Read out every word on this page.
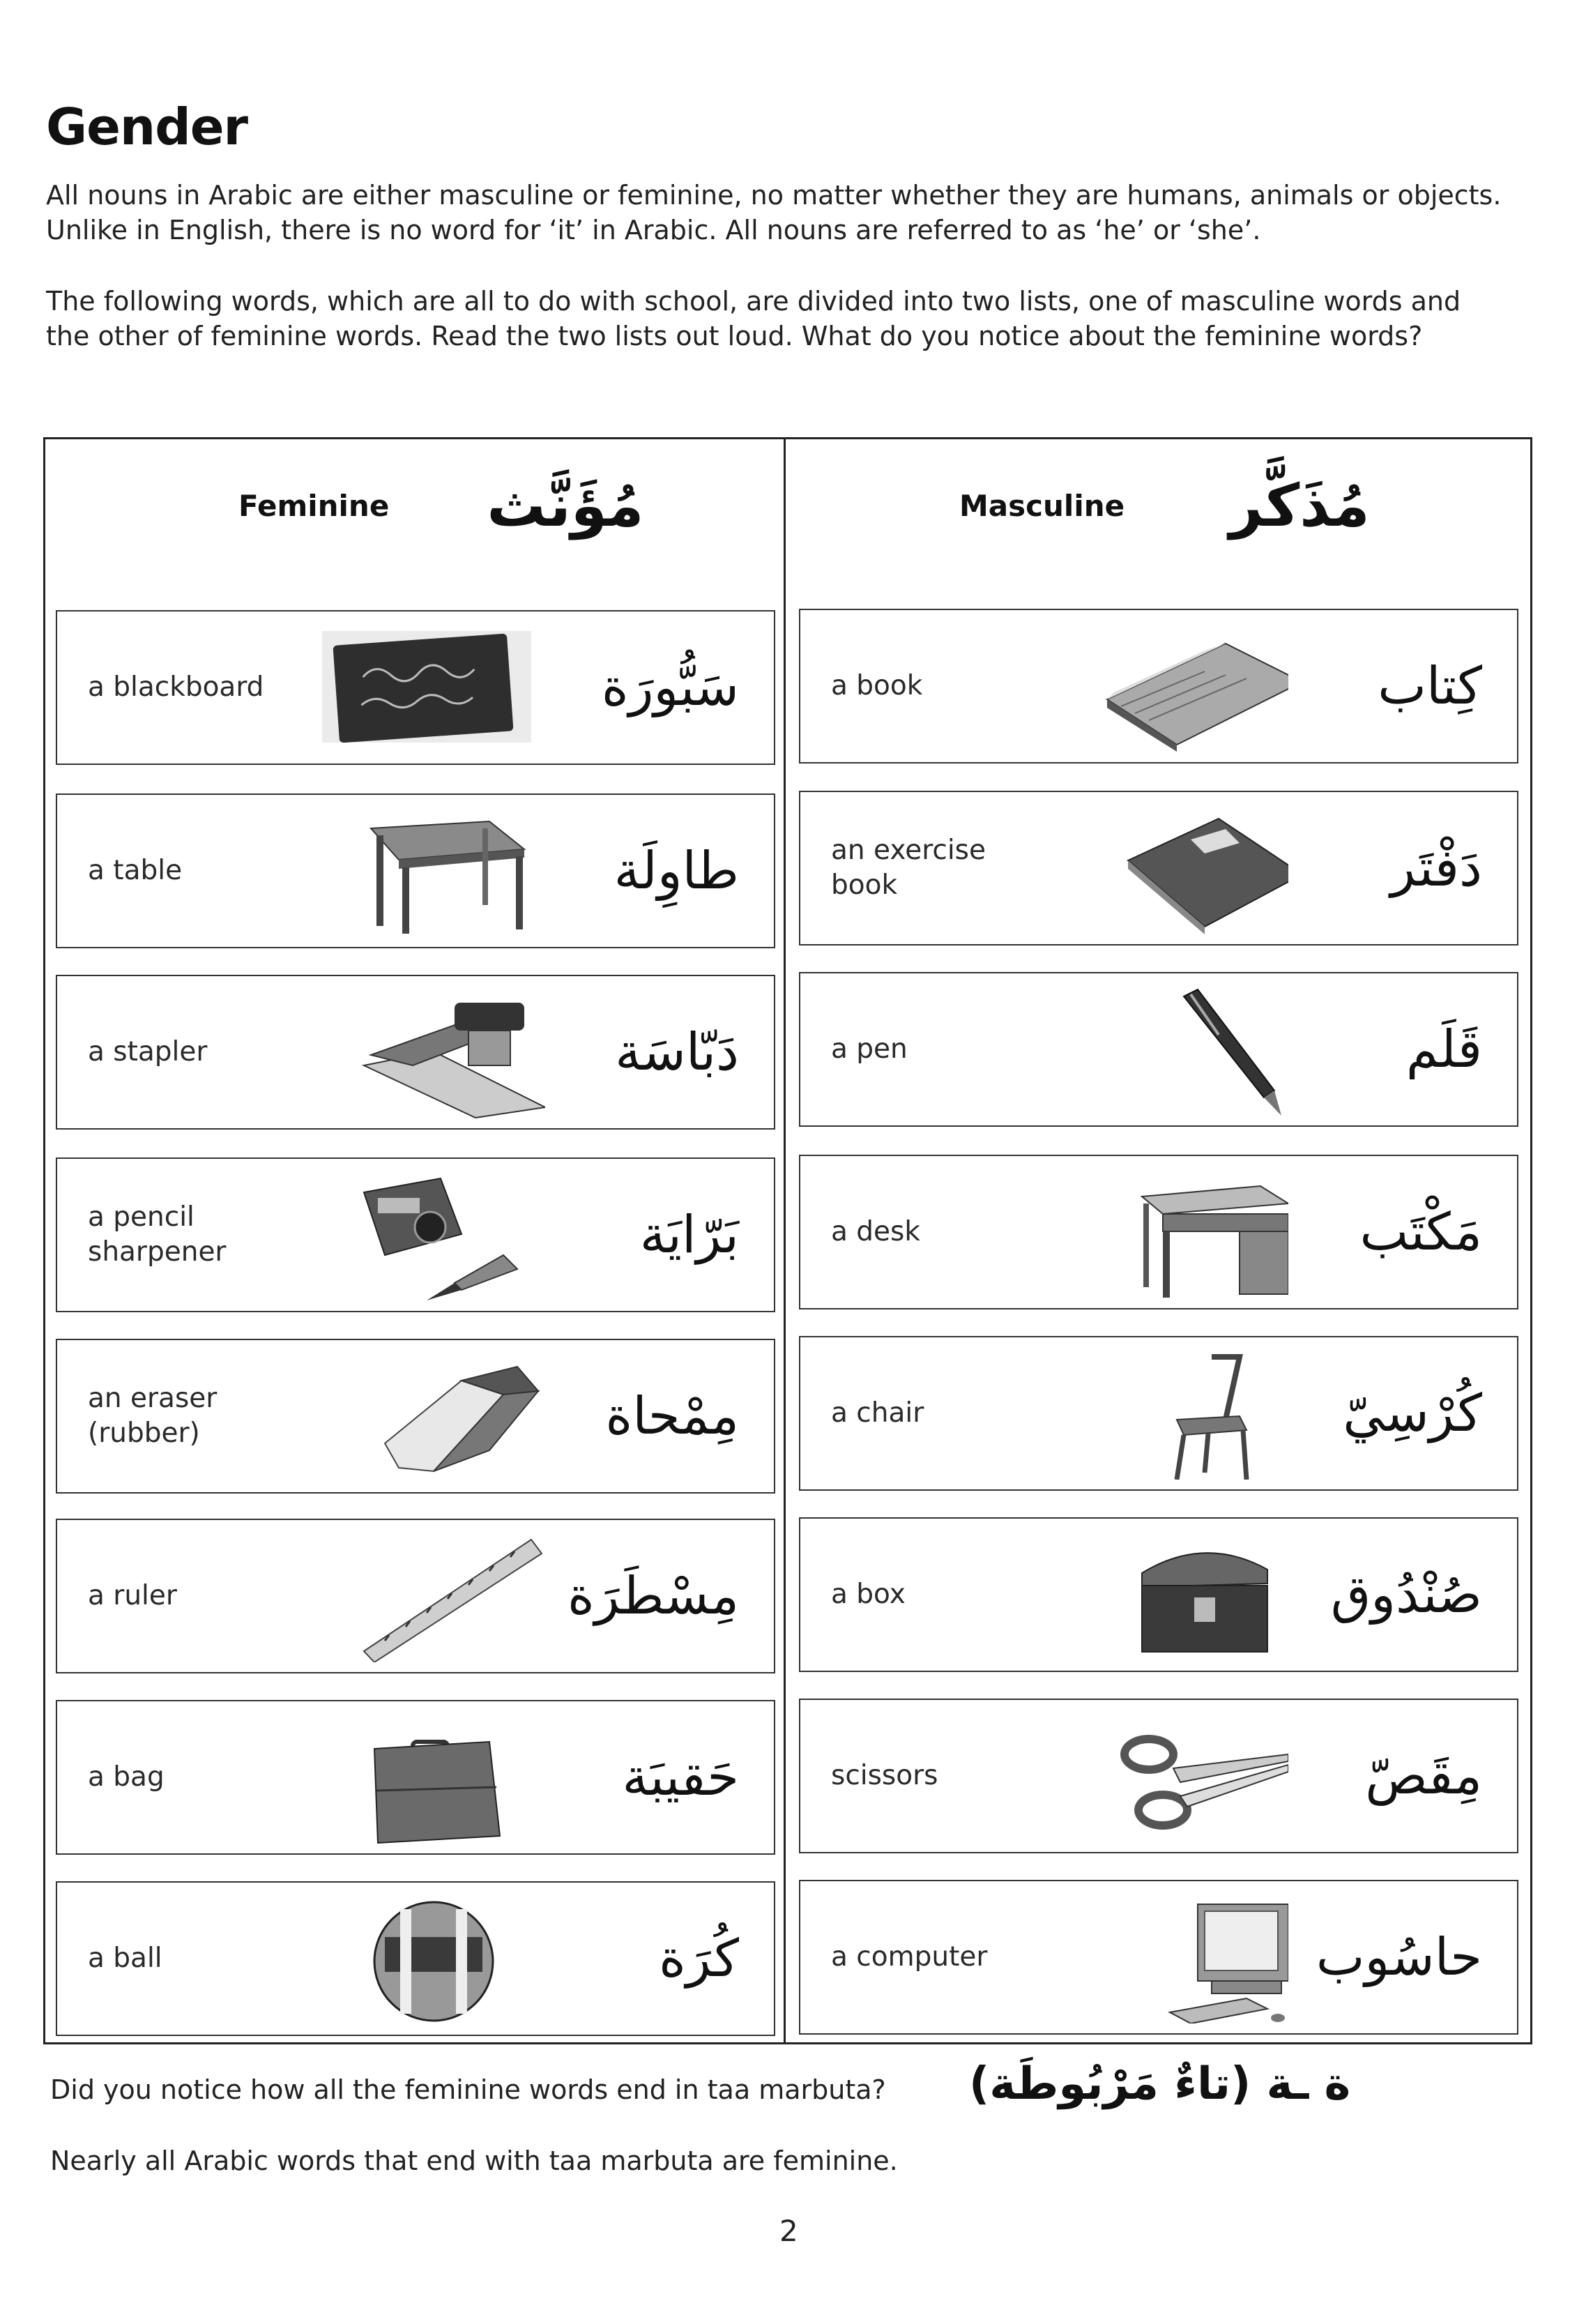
Gender

All nouns in Arabic are either masculine or feminine, no matter whether they are humans, animals or objects. Unlike in English, there is no word for ‘it’ in Arabic. All nouns are referred to as ‘he’ or ‘she’.

The following words, which are all to do with school, are divided into two lists, one of masculine words and the other of feminine words. Read the two lists out loud. What do you notice about the feminine words?

Feminine مُؤَنَّث	Masculine مُذَكَّر
a blackboard	سَبُّورَة
a table	طاوِلَة
a stapler	دَبّاسَة
a pencil sharpener	بَرّايَة
an eraser (rubber)	مِمْحاة
a ruler	مِسْطَرَة
a bag	حَقيبَة
a ball	كُرَة
a book	كِتاب
an exercise book	دَفْتَر
a pen	قَلَم
a desk	مَكْتَب
a chair	كُرْسِيّ
a box	صُنْدُوق
scissors	مِقَصّ
a computer	حاسُوب
Did you notice how all the feminine words end in taa marbuta? ة ـة (تاءٌ مَرْبُوطَة)
Nearly all Arabic words that end with taa marbuta are feminine.
2
